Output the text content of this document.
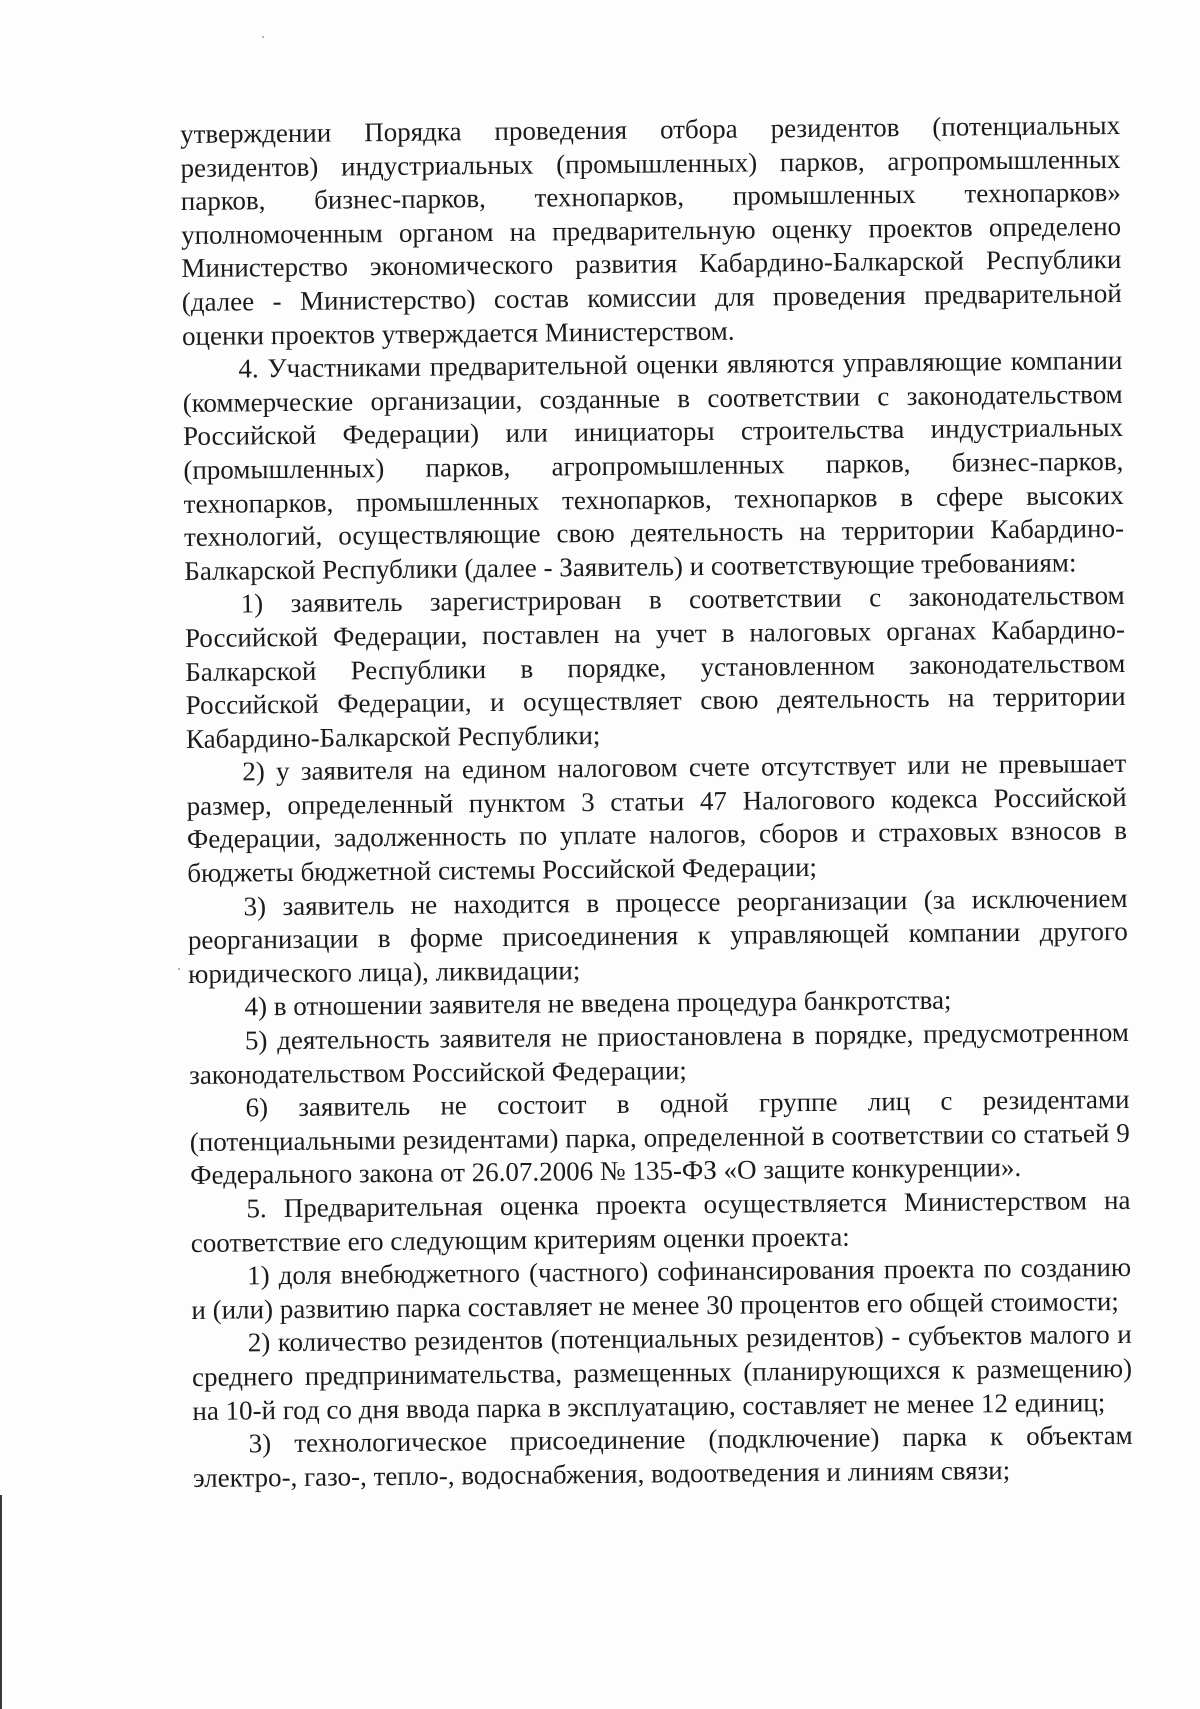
утверждении Порядка проведения отбора резидентов (потенциальных резидентов) индустриальных (промышленных) парков, агропромышленных парков, бизнес-парков, технопарков, промышленных технопарков» уполномоченным органом на предварительную оценку проектов определено Министерство экономического развития Кабардино-Балкарской Республики (далее - Министерство) состав комиссии для проведения предварительной оценки проектов утверждается Министерством.

4. Участниками предварительной оценки являются управляющие компании (коммерческие организации, созданные в соответствии с законодательством Российской Федерации) или инициаторы строительства индустриальных (промышленных) парков, агропромышленных парков, бизнес-парков, технопарков, промышленных технопарков, технопарков в сфере высоких технологий, осуществляющие свою деятельность на территории Кабардино-Балкарской Республики (далее - Заявитель) и соответствующие требованиям:

1) заявитель зарегистрирован в соответствии с законодательством Российской Федерации, поставлен на учет в налоговых органах Кабардино-Балкарской Республики в порядке, установленном законодательством Российской Федерации, и осуществляет свою деятельность на территории Кабардино-Балкарской Республики;

2) у заявителя на едином налоговом счете отсутствует или не превышает размер, определенный пунктом 3 статьи 47 Налогового кодекса Российской Федерации, задолженность по уплате налогов, сборов и страховых взносов в бюджеты бюджетной системы Российской Федерации;

3) заявитель не находится в процессе реорганизации (за исключением реорганизации в форме присоединения к управляющей компании другого юридического лица), ликвидации;

4) в отношении заявителя не введена процедура банкротства;

5) деятельность заявителя не приостановлена в порядке, предусмотренном законодательством Российской Федерации;

6) заявитель не состоит в одной группе лиц с резидентами (потенциальными резидентами) парка, определенной в соответствии со статьей 9 Федерального закона от 26.07.2006 № 135-ФЗ «О защите конкуренции».

5. Предварительная оценка проекта осуществляется Министерством на соответствие его следующим критериям оценки проекта:

1) доля внебюджетного (частного) софинансирования проекта по созданию и (или) развитию парка составляет не менее 30 процентов его общей стоимости;

2) количество резидентов (потенциальных резидентов) - субъектов малого и среднего предпринимательства, размещенных (планирующихся к размещению) на 10-й год со дня ввода парка в эксплуатацию, составляет не менее 12 единиц;

3) технологическое присоединение (подключение) парка к объектам электро-, газо-, тепло-, водоснабжения, водоотведения и линиям связи;
